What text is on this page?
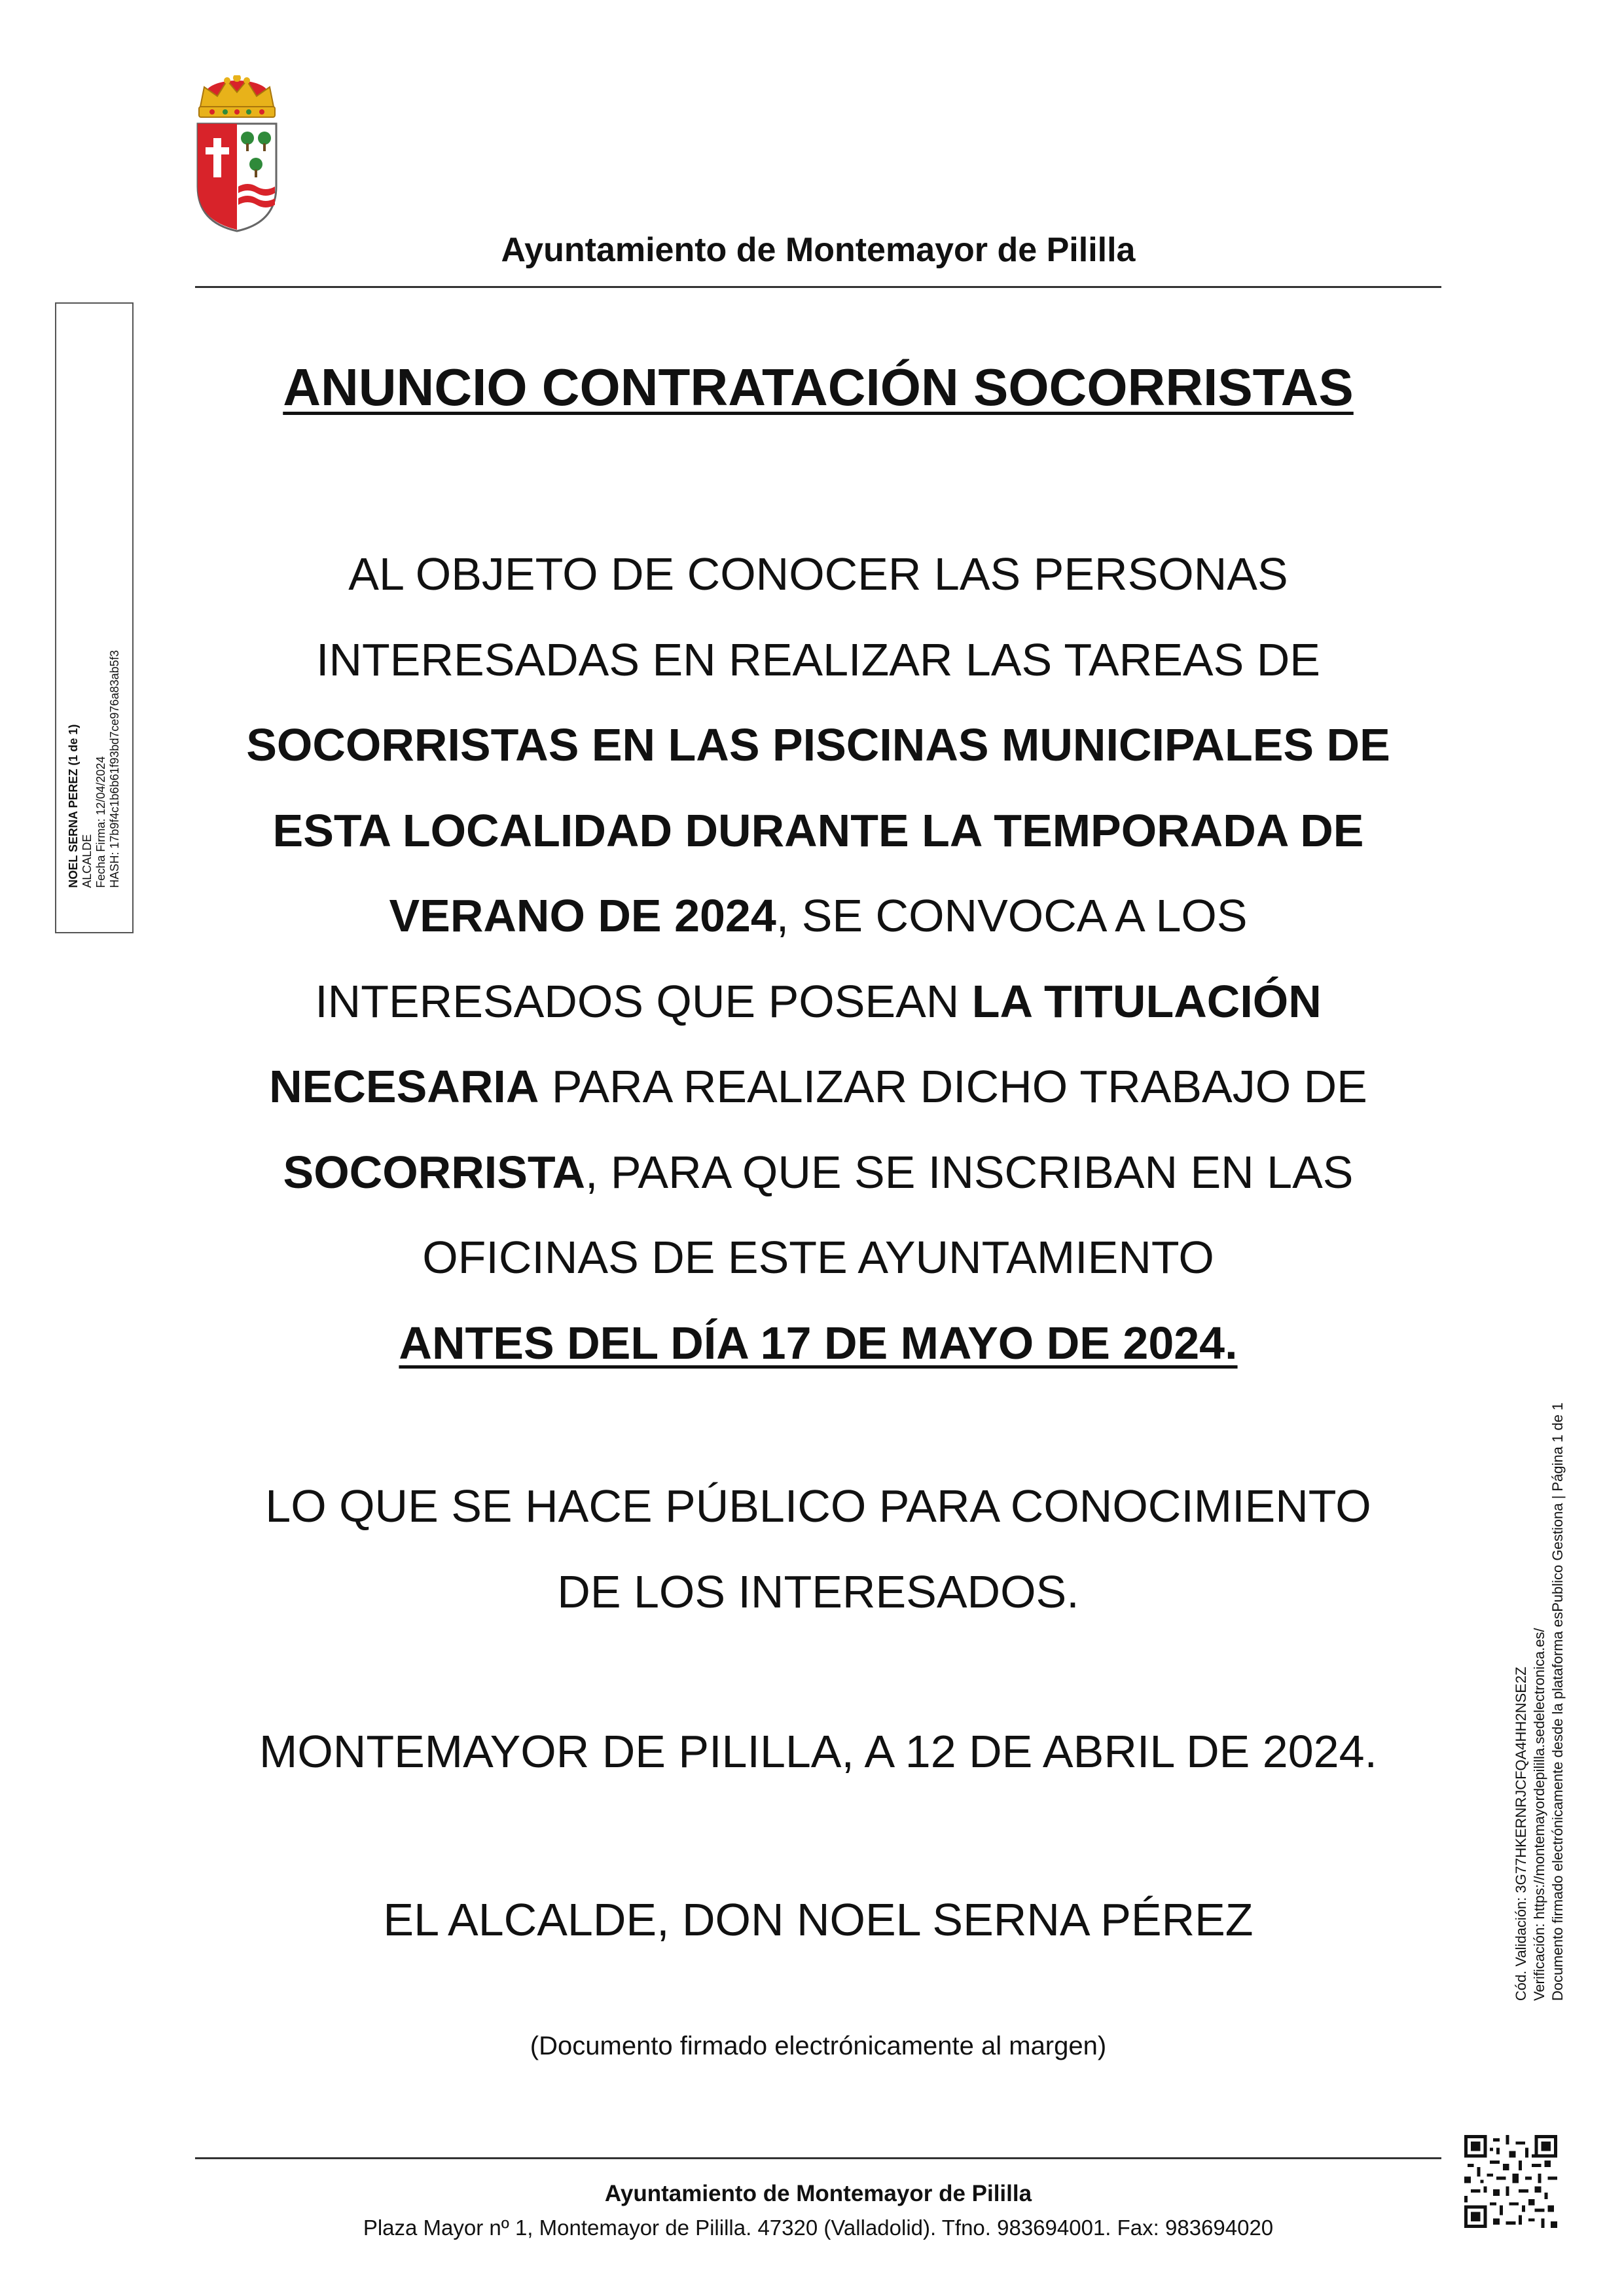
Ayuntamiento de Montemayor de Pililla
ANUNCIO CONTRATACIÓN SOCORRISTAS
AL OBJETO DE CONOCER LAS PERSONAS
INTERESADAS EN REALIZAR LAS TAREAS DE
SOCORRISTAS EN LAS PISCINAS MUNICIPALES DE
ESTA LOCALIDAD DURANTE LA TEMPORADA DE
VERANO DE 2024, SE CONVOCA A LOS
INTERESADOS QUE POSEAN LA TITULACIÓN
NECESARIA PARA REALIZAR DICHO TRABAJO DE
SOCORRISTA, PARA QUE SE INSCRIBAN EN LAS
OFICINAS DE ESTE AYUNTAMIENTO
ANTES DEL DÍA 17 DE MAYO DE 2024.
LO QUE SE HACE PÚBLICO PARA CONOCIMIENTO
DE LOS INTERESADOS.
MONTEMAYOR DE PILILLA, A 12 DE ABRIL DE 2024.
EL ALCALDE, DON NOEL SERNA PÉREZ
(Documento firmado electrónicamente al margen)
Ayuntamiento de Montemayor de Pililla
Plaza Mayor nº 1, Montemayor de Pililla. 47320 (Valladolid). Tfno. 983694001. Fax: 983694020
NOEL SERNA PEREZ (1 de 1) ALCALDE Fecha Firma: 12/04/2024 HASH: 17b9f4c1b6b61f93bd7ce976a83ab5f3
Cód. Validación: 3G77HKERNRJCFQA4HH2NSE2Z Verificación: https://montemayordepililla.sedelectronica.es/ Documento firmado electrónicamente desde la plataforma esPublico Gestiona | Página 1 de 1
